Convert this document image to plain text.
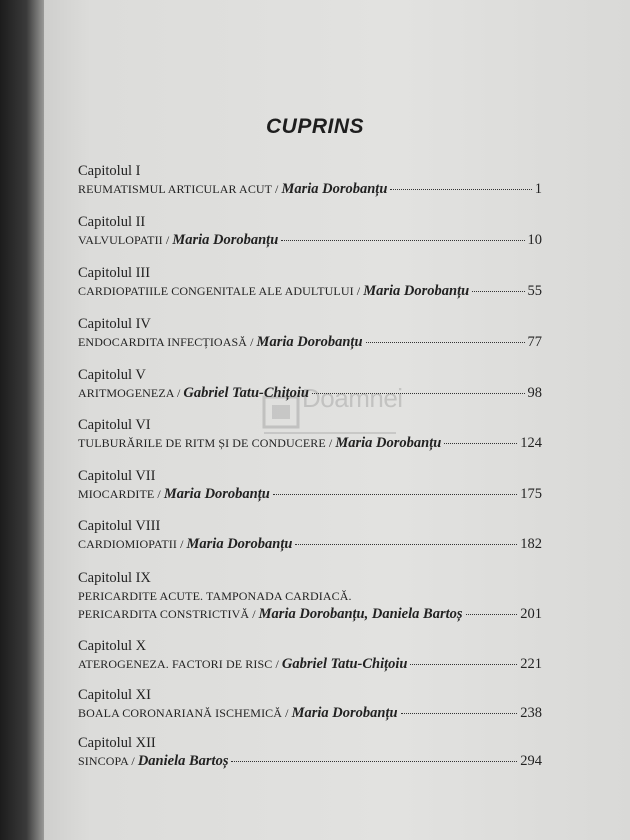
CUPRINS
Doamnei
Capitolul I
REUMATISMUL ARTICULAR ACUT / Maria Dorobanțu	1
Capitolul II
VALVULOPATII / Maria Dorobanțu	10
Capitolul III
CARDIOPATIILE CONGENITALE ALE ADULTULUI / Maria Dorobanțu	55
Capitolul IV
ENDOCARDITA INFECȚIOASĂ / Maria Dorobanțu	77
Capitolul V
ARITMOGENEZA / Gabriel Tatu-Chițoiu	98
Capitolul VI
TULBURĂRILE DE RITM ȘI DE CONDUCERE / Maria Dorobanțu	124
Capitolul VII
MIOCARDITE / Maria Dorobanțu	175
Capitolul VIII
CARDIOMIOPATII / Maria Dorobanțu	182
Capitolul IX
PERICARDITE ACUTE. TAMPONADA CARDIACĂ.
PERICARDITA CONSTRICTIVĂ / Maria Dorobanțu, Daniela Bartoș	201
Capitolul X
ATEROGENEZA. FACTORI DE RISC / Gabriel Tatu-Chițoiu	221
Capitolul XI
BOALA CORONARIANĂ ISCHEMICĂ / Maria Dorobanțu	238
Capitolul XII
SINCOPA / Daniela Bartoș	294
